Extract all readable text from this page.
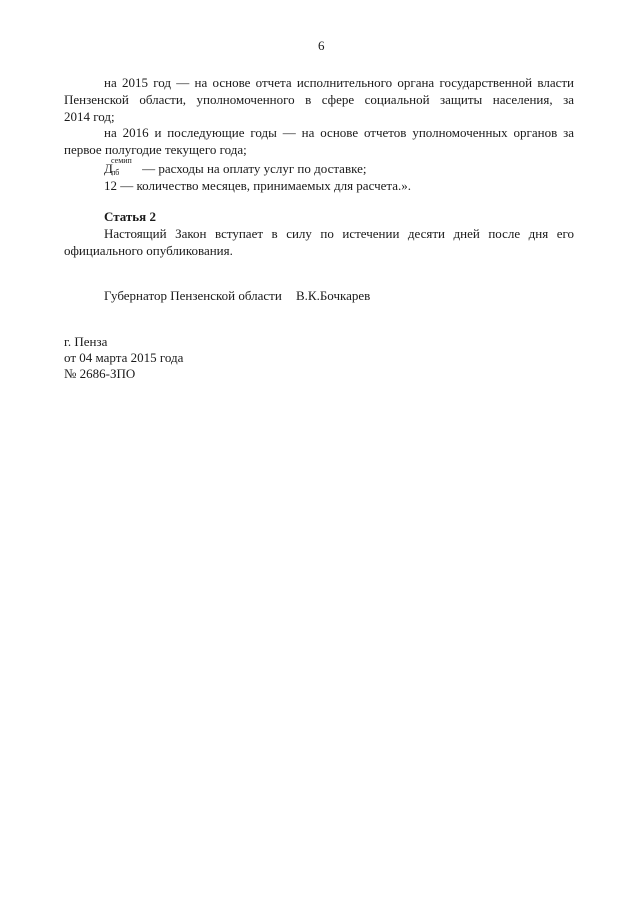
6
на 2015 год — на основе отчета исполнительного органа государственной власти
Пензенской области, уполномоченного в сфере социальной защиты населения, за
2014 год;
на 2016 и последующие годы — на основе отчетов уполномоченных органов за
первое полугодие текущего года;
Д
семип
пб — расходы на оплату услуг по доставке;
12 — количество месяцев, принимаемых для расчета.».
Статья 2
Настоящий Закон вступает в силу по истечении десяти дней после дня его
официального опубликования.
Губернатор Пензенской области В.К.Бочкарев
г. Пенза
от 04 марта 2015 года
№ 2686-ЗПО
